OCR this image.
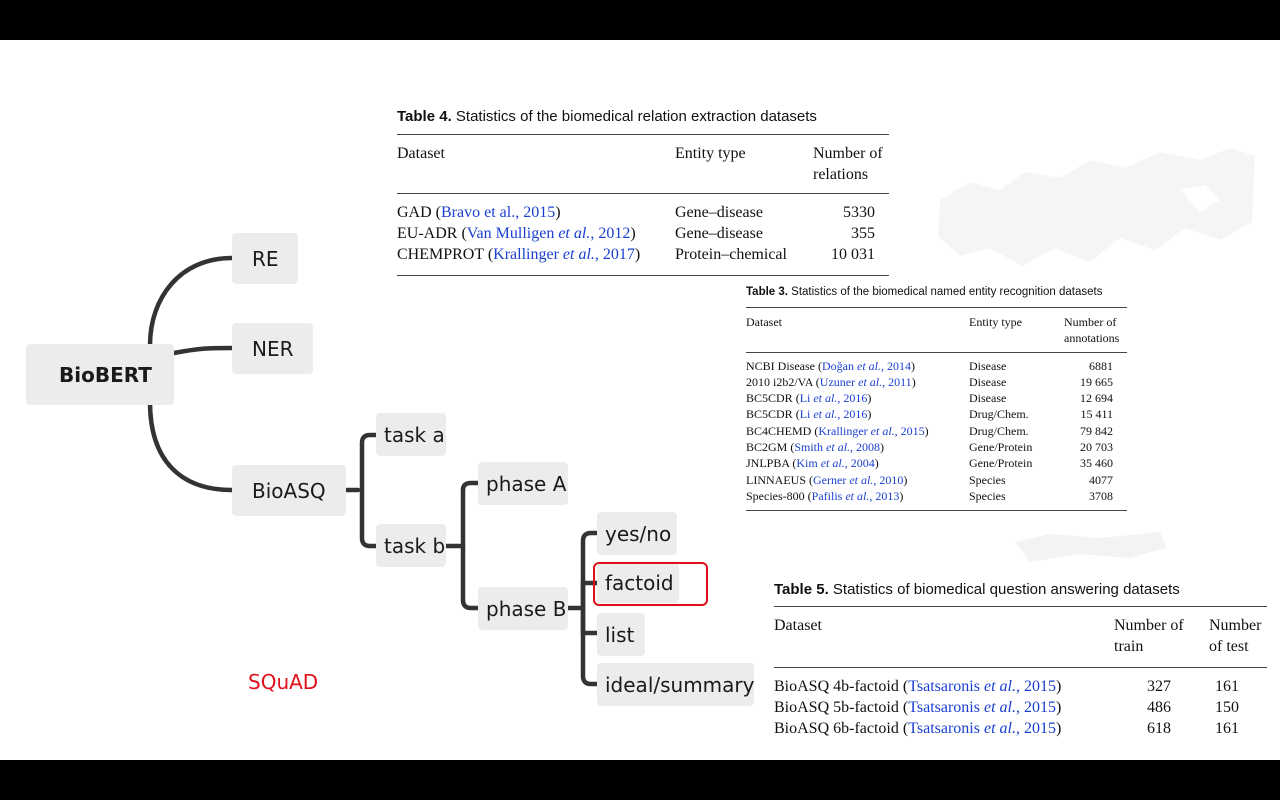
BioBERT
RE
NER
BioASQ
task a
task b
phase A
phase B
yes/no
factoid
list
ideal/summary
SQuAD
Table 4. Statistics of the biomedical relation extraction datasets
Dataset	Entity type	Number of relations
GAD (Bravo et al., 2015)	Gene–disease	5330
EU-ADR (Van Mulligen et al., 2012)	Gene–disease	355
CHEMPROT (Krallinger et al., 2017)	Protein–chemical	10 031
Table 3. Statistics of the biomedical named entity recognition datasets
Dataset	Entity type	Number of annotations
NCBI Disease (Doğan et al., 2014)	Disease	6881
2010 i2b2/VA (Uzuner et al., 2011)	Disease	19 665
BC5CDR (Li et al., 2016)	Disease	12 694
BC5CDR (Li et al., 2016)	Drug/Chem.	15 411
BC4CHEMD (Krallinger et al., 2015)	Drug/Chem.	79 842
BC2GM (Smith et al., 2008)	Gene/Protein	20 703
JNLPBA (Kim et al., 2004)	Gene/Protein	35 460
LINNAEUS (Gerner et al., 2010)	Species	4077
Species-800 (Pafilis et al., 2013)	Species	3708
Table 5. Statistics of biomedical question answering datasets
Dataset	Number of train	Number of test
BioASQ 4b-factoid (Tsatsaronis et al., 2015)	327	161
BioASQ 5b-factoid (Tsatsaronis et al., 2015)	486	150
BioASQ 6b-factoid (Tsatsaronis et al., 2015)	618	161
